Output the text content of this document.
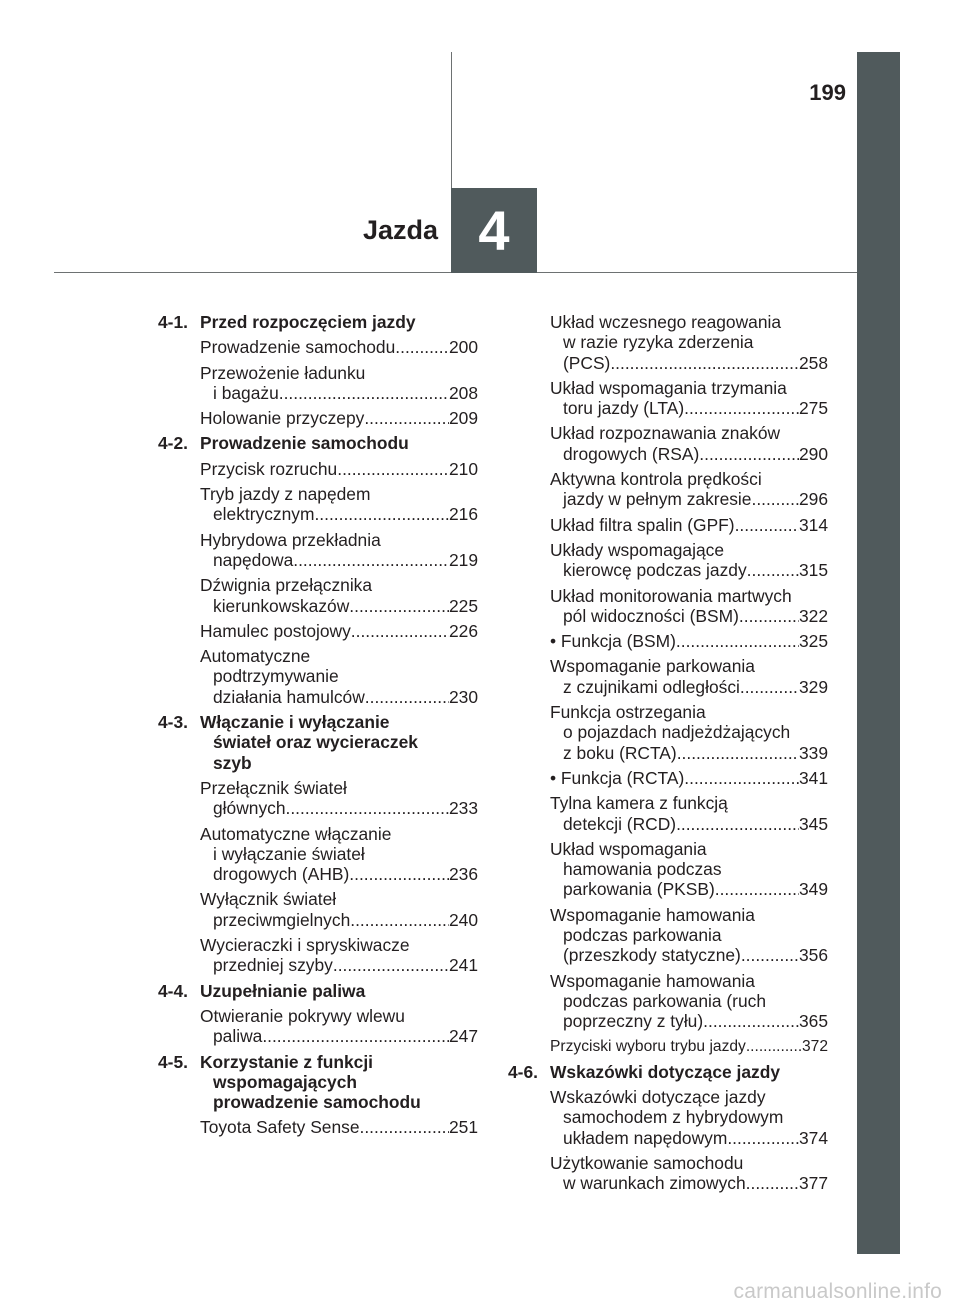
4
Jazda
199
4-1. Przed rozpoczęciem jazdy
Prowadzenie samochodu .....	200
Przewożenie ładunku
i bagażu .....	208
Holowanie przyczepy .....	209
4-2. Prowadzenie samochodu
Przycisk rozruchu .....	210
Tryb jazdy z napędem
elektrycznym .....	216
Hybrydowa przekładnia
napędowa .....	219
Dźwignia przełącznika
kierunkowskazów .....	225
Hamulec postojowy .....	226
Automatyczne
podtrzymywanie
działania hamulców .....	230
4-3. Włączanie i wyłączanie
świateł oraz wycieraczek
szyb
Przełącznik świateł
głównych .....	233
Automatyczne włączanie
i wyłączanie świateł
drogowych (AHB) .....	236
Wyłącznik świateł
przeciwmgielnych .....	240
Wycieraczki i spryskiwacze
przedniej szyby .....	241
4-4. Uzupełnianie paliwa
Otwieranie pokrywy wlewu
paliwa .....	247
4-5. Korzystanie z funkcji
wspomagających
prowadzenie samochodu
Toyota Safety Sense .....	251
Układ wczesnego reagowania
w razie ryzyka zderzenia
(PCS) .....	258
Układ wspomagania trzymania
toru jazdy (LTA) .....	275
Układ rozpoznawania znaków
drogowych (RSA) .....	290
Aktywna kontrola prędkości
jazdy w pełnym zakresie .....	296
Układ filtra spalin (GPF) .....	314
Układy wspomagające
kierowcę podczas jazdy .....	315
Układ monitorowania martwych
pól widoczności (BSM) .....	322
• Funkcja (BSM) .....	325
Wspomaganie parkowania
z czujnikami odległości .....	329
Funkcja ostrzegania
o pojazdach nadjeżdżających
z boku (RCTA) .....	339
• Funkcja (RCTA) .....	341
Tylna kamera z funkcją
detekcji (RCD) .....	345
Układ wspomagania
hamowania podczas
parkowania (PKSB) .....	349
Wspomaganie hamowania
podczas parkowania
(przeszkody statyczne) .....	356
Wspomaganie hamowania
podczas parkowania (ruch
poprzeczny z tyłu) .....	365
Przyciski wyboru trybu jazdy .....	372
4-6. Wskazówki dotyczące jazdy
Wskazówki dotyczące jazdy
samochodem z hybrydowym
układem napędowym .....	374
Użytkowanie samochodu
w warunkach zimowych .....	377
carmanualsonline.info
